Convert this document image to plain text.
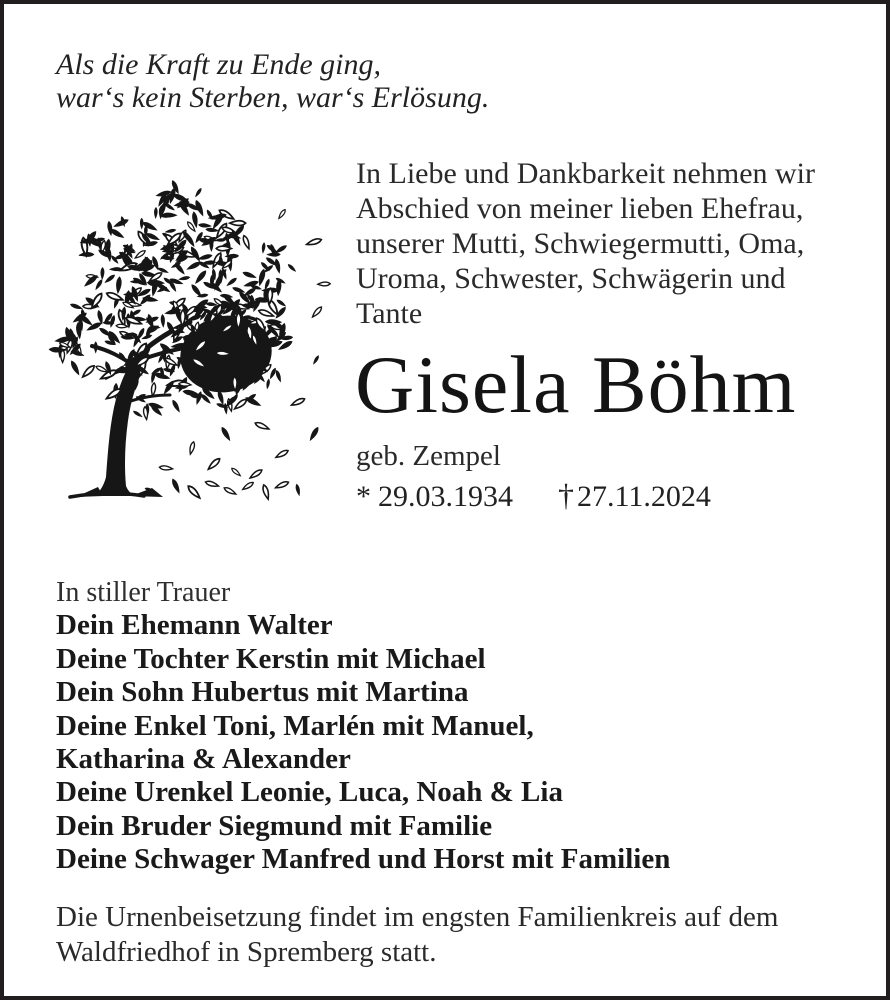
Als die Kraft zu Ende ging,
war‘s kein Sterben, war‘s Erlösung.
In Liebe und Dankbarkeit nehmen wir
Abschied von meiner lieben Ehefrau,
unserer Mutti, Schwiegermutti, Oma,
Uroma, Schwester, Schwägerin und
Tante
Gisela Böhm
geb. Zempel
* 29.03.1934 † 27.11.2024
In stiller Trauer
Dein Ehemann Walter
Deine Tochter Kerstin mit Michael
Dein Sohn Hubertus mit Martina
Deine Enkel Toni, Marlén mit Manuel,
Katharina & Alexander
Deine Urenkel Leonie, Luca, Noah & Lia
Dein Bruder Siegmund mit Familie
Deine Schwager Manfred und Horst mit Familien
Die Urnenbeisetzung findet im engsten Familienkreis auf dem
Waldfriedhof in Spremberg statt.
